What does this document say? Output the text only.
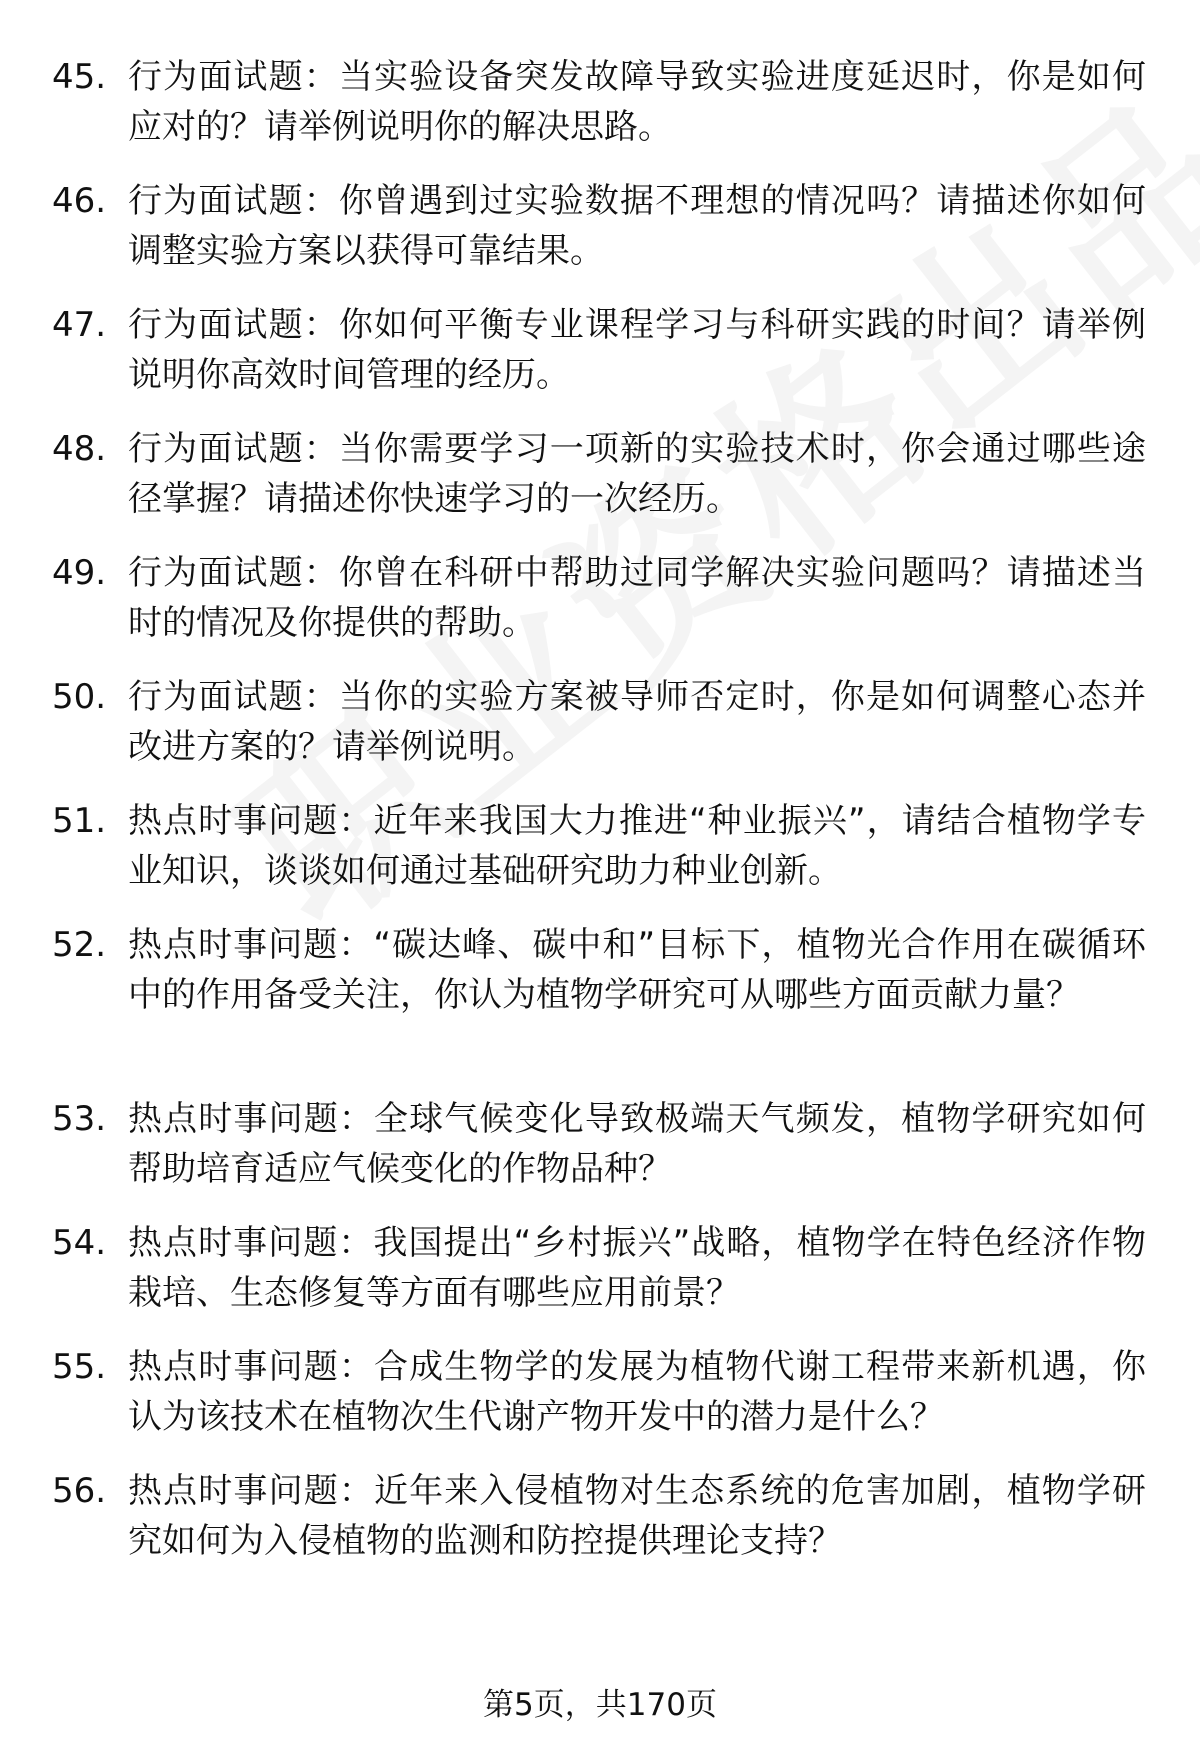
45. 行为面试题：当实验设备突发故障导致实验进度延迟时，你是如何应对的？请举例说明你的解决思路。
46. 行为面试题：你曾遇到过实验数据不理想的情况吗？请描述你如何调整实验方案以获得可靠结果。
47. 行为面试题：你如何平衡专业课程学习与科研实践的时间？请举例说明你高效时间管理的经历。
48. 行为面试题：当你需要学习一项新的实验技术时，你会通过哪些途径掌握？请描述你快速学习的一次经历。
49. 行为面试题：你曾在科研中帮助过同学解决实验问题吗？请描述当时的情况及你提供的帮助。
50. 行为面试题：当你的实验方案被导师否定时，你是如何调整心态并改进方案的？请举例说明。
51. 热点时事问题：近年来我国大力推进“种业振兴”，请结合植物学专业知识，谈谈如何通过基础研究助力种业创新。
52. 热点时事问题：“碳达峰、碳中和”目标下，植物光合作用在碳循环中的作用备受关注，你认为植物学研究可从哪些方面贡献力量？
53. 热点时事问题：全球气候变化导致极端天气频发，植物学研究如何帮助培育适应气候变化的作物品种？
54. 热点时事问题：我国提出“乡村振兴”战略，植物学在特色经济作物栽培、生态修复等方面有哪些应用前景？
55. 热点时事问题：合成生物学的发展为植物代谢工程带来新机遇，你认为该技术在植物次生代谢产物开发中的潜力是什么？
56. 热点时事问题：近年来入侵植物对生态系统的危害加剧，植物学研究如何为入侵植物的监测和防控提供理论支持？
第5页，共170页
